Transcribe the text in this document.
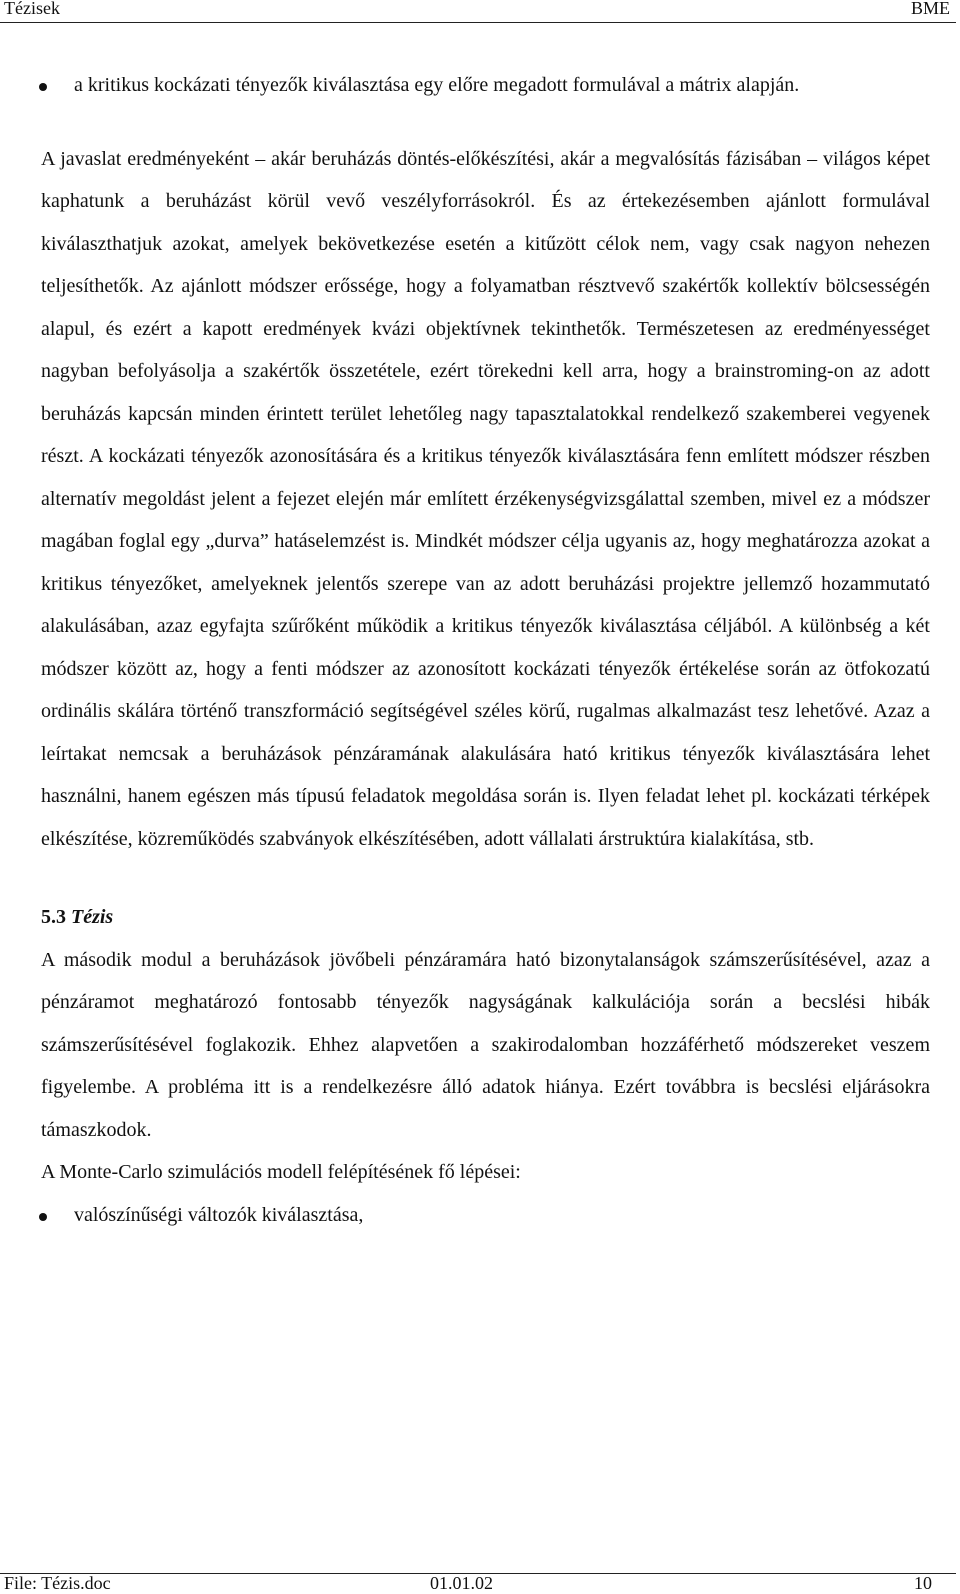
Tézisek	BME
a kritikus kockázati tényezők kiválasztása egy előre megadott formulával a mátrix alapján.

A javaslat eredményeként – akár beruházás döntés-előkészítési, akár a megvalósítás fázisában – világos képet kaphatunk a beruházást körül vevő veszélyforrásokról. És az értekezésemben ajánlott formulával kiválaszthatjuk azokat, amelyek bekövetkezése esetén a kitűzött célok nem, vagy csak nagyon nehezen teljesíthetők. Az ajánlott módszer erőssége, hogy a folyamatban résztvevő szakértők kollektív bölcsességén alapul, és ezért a kapott eredmények kvázi objektívnek tekinthetők. Természetesen az eredményességet nagyban befolyásolja a szakértők összetétele, ezért törekedni kell arra, hogy a brainstroming-on az adott beruházás kapcsán minden érintett terület lehetőleg nagy tapasztalatokkal rendelkező szakemberei vegyenek részt. A kockázati tényezők azonosítására és a kritikus tényezők kiválasztására fenn említett módszer részben alternatív megoldást jelent a fejezet elején már említett érzékenységvizsgálattal szemben, mivel ez a módszer magában foglal egy „durva” hatáselemzést is. Mindkét módszer célja ugyanis az, hogy meghatározza azokat a kritikus tényezőket, amelyeknek jelentős szerepe van az adott beruházási projektre jellemző hozammutató alakulásában, azaz egyfajta szűrőként működik a kritikus tényezők kiválasztása céljából. A különbség a két módszer között az, hogy a fenti módszer az azonosított kockázati tényezők értékelése során az ötfokozatú ordinális skálára történő transzformáció segítségével széles körű, rugalmas alkalmazást tesz lehetővé. Azaz a leírtakat nemcsak a beruházások pénzáramának alakulására ható kritikus tényezők kiválasztására lehet használni, hanem egészen más típusú feladatok megoldása során is. Ilyen feladat lehet pl. kockázati térképek elkészítése, közreműködés szabványok elkészítésében, adott vállalati árstruktúra kialakítása, stb.

5.3 Tézis

A második modul a beruházások jövőbeli pénzáramára ható bizonytalanságok számszerűsítésével, azaz a pénzáramot meghatározó fontosabb tényezők nagyságának kalkulációja során a becslési hibák számszerűsítésével foglakozik. Ehhez alapvetően a szakirodalomban hozzáférhető módszereket veszem figyelembe. A probléma itt is a rendelkezésre álló adatok hiánya. Ezért továbbra is becslési eljárásokra támaszkodok.

A Monte-Carlo szimulációs modell felépítésének fő lépései:

valószínűségi változók kiválasztása,
File: Tézis.doc	01.01.02	10
